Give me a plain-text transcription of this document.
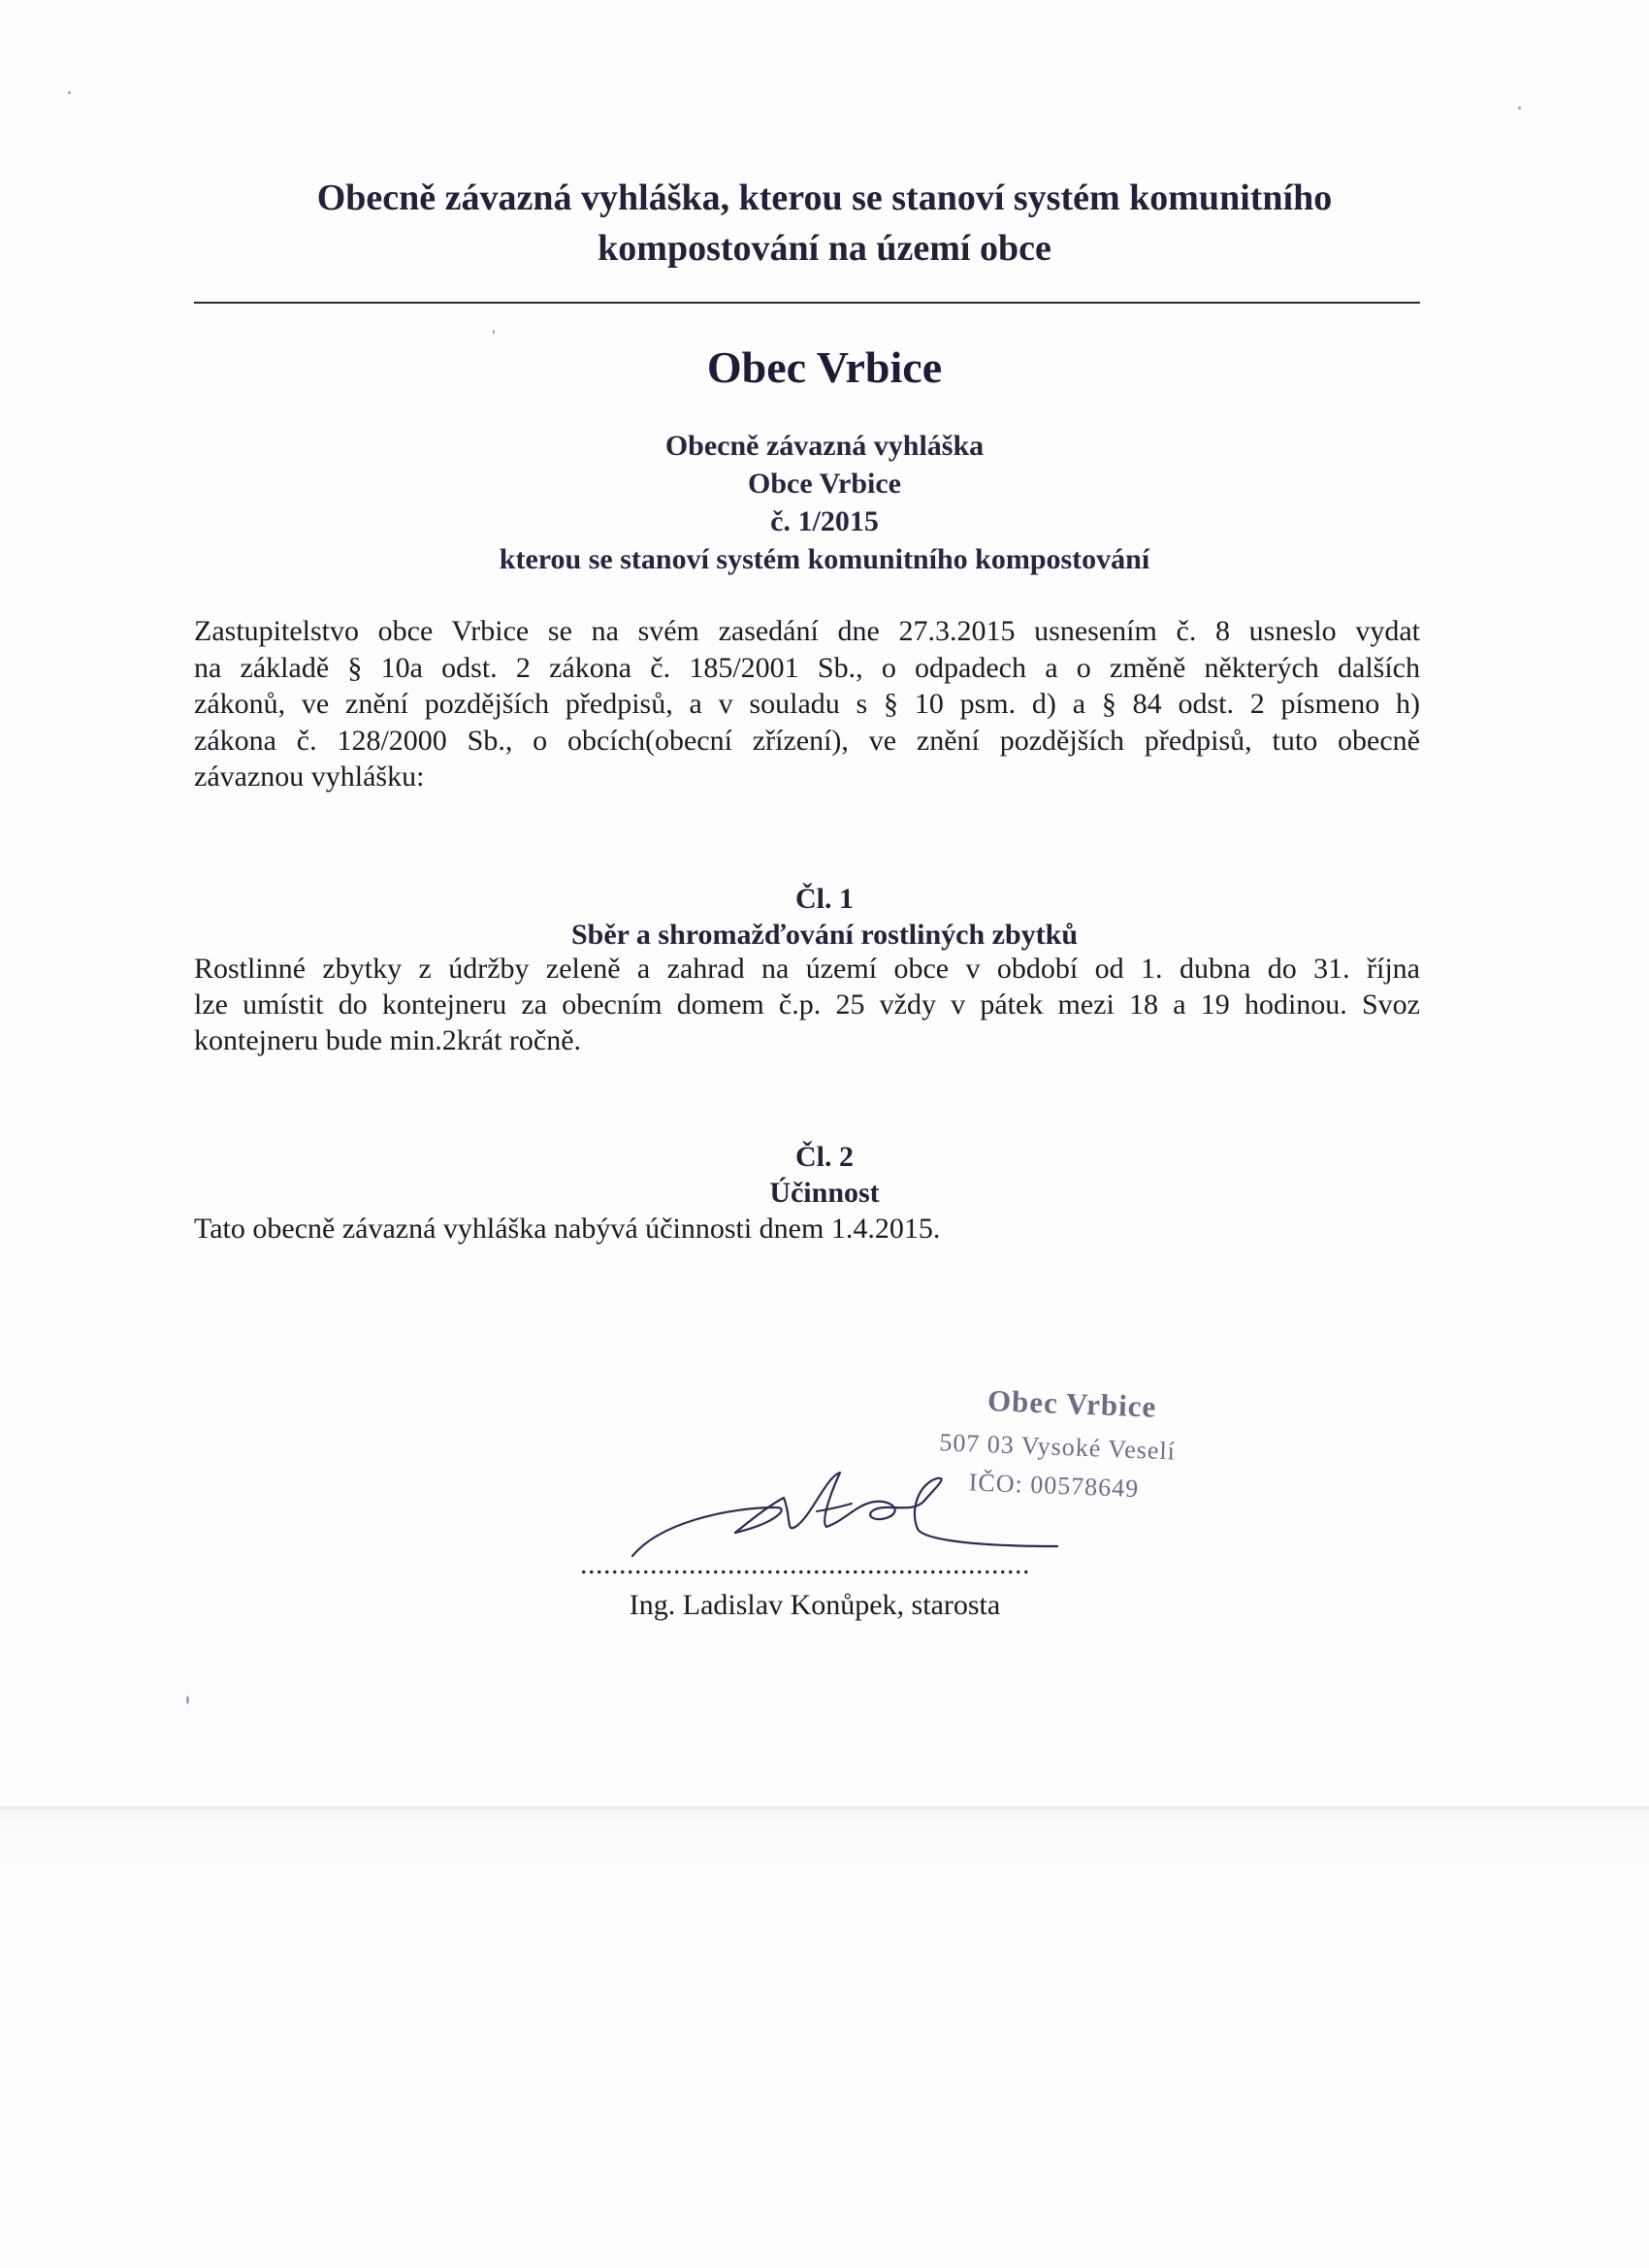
Obecně závazná vyhláška, kterou se stanoví systém komunitního
kompostování na území obce
Obec Vrbice
Obecně závazná vyhláška
Obce Vrbice
č. 1/2015
kterou se stanoví systém komunitního kompostování
Zastupitelstvo obce Vrbice se na svém zasedání dne 27.3.2015 usnesením č. 8 usneslo vydat
na základě § 10a odst. 2 zákona č. 185/2001 Sb., o odpadech a o změně některých dalších
zákonů, ve znění pozdějších předpisů, a v souladu s § 10 psm. d) a § 84 odst. 2 písmeno h)
zákona č. 128/2000 Sb., o obcích(obecní zřízení), ve znění pozdějších předpisů, tuto obecně
závaznou vyhlášku:
Čl. 1
Sběr a shromažďování rostliných zbytků
Rostlinné zbytky z údržby zeleně a zahrad na území obce v období od 1. dubna do 31. října
lze umístit do kontejneru za obecním domem č.p. 25 vždy v pátek mezi 18 a 19 hodinou. Svoz
kontejneru bude min.2krát ročně.
Čl. 2
Účinnost
Tato obecně závazná vyhláška nabývá účinnosti dnem 1.4.2015.
Obec Vrbice
507 03 Vysoké Veselí
IČO: 00578649
..........................................................
Ing. Ladislav Konůpek, starosta
